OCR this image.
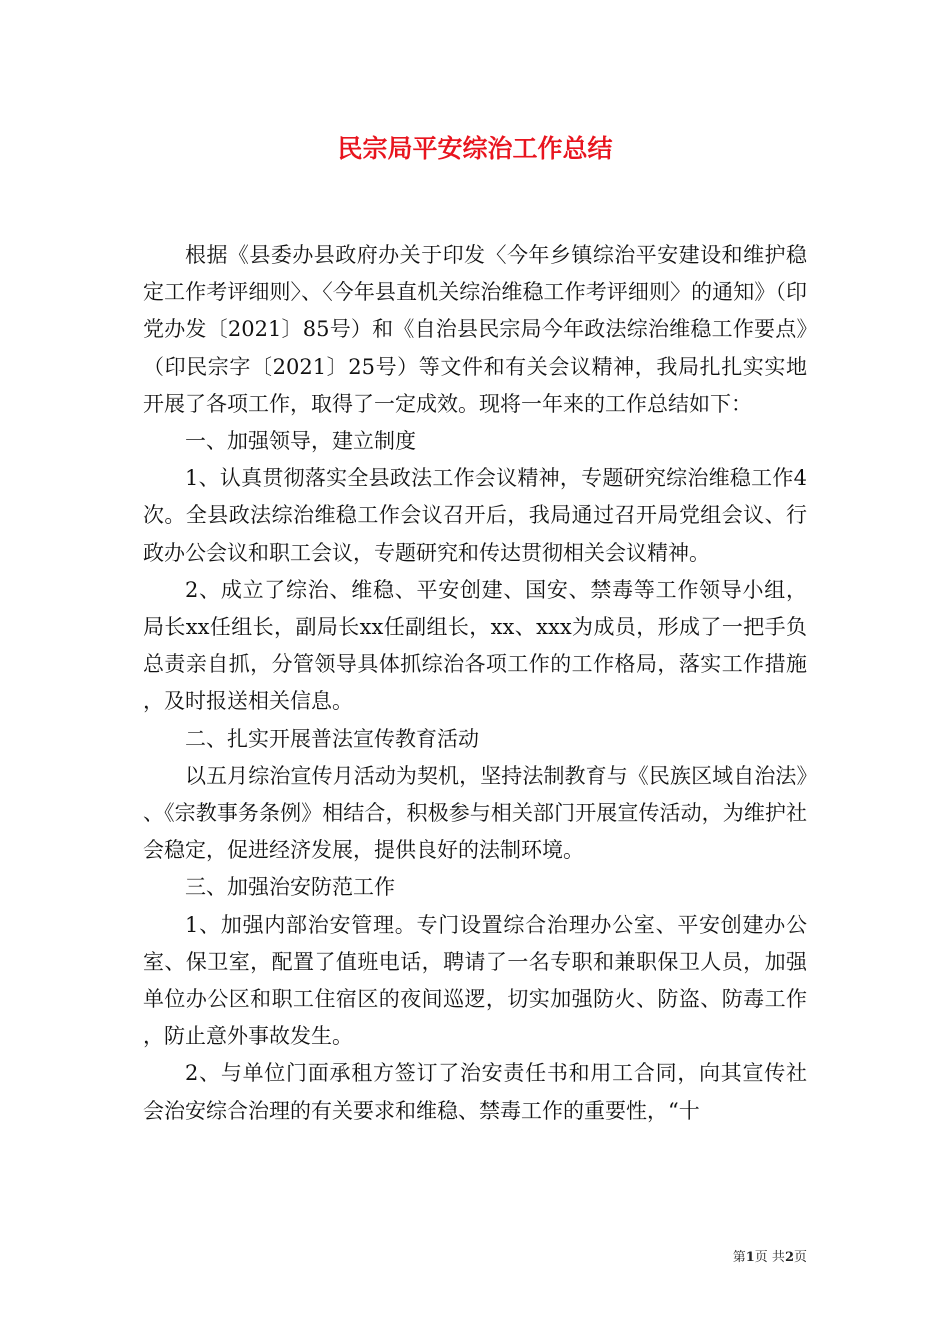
民宗局平安综治工作总结

根据《县委办县政府办关于印发〈今年乡镇综治平安建设和维护稳定工作考评细则〉、〈今年县直机关综治维稳工作考评细则〉的通知》（印党办发〔2021〕85号）和《自治县民宗局今年政法综治维稳工作要点》（印民宗字〔2021〕25号）等文件和有关会议精神，我局扎扎实实地开展了各项工作，取得了一定成效。现将一年来的工作总结如下：

一、加强领导，建立制度

1、认真贯彻落实全县政法工作会议精神，专题研究综治维稳工作4次。全县政法综治维稳工作会议召开后，我局通过召开局党组会议、行政办公会议和职工会议，专题研究和传达贯彻相关会议精神。

2、成立了综治、维稳、平安创建、国安、禁毒等工作领导小组，局长xx任组长，副局长xx任副组长，xx、xxx为成员，形成了一把手负总责亲自抓，分管领导具体抓综治各项工作的工作格局，落实工作措施，及时报送相关信息。

二、扎实开展普法宣传教育活动

以五月综治宣传月活动为契机，坚持法制教育与《民族区域自治法》、《宗教事务条例》相结合，积极参与相关部门开展宣传活动，为维护社会稳定，促进经济发展，提供良好的法制环境。

三、加强治安防范工作

1、加强内部治安管理。专门设置综合治理办公室、平安创建办公室、保卫室，配置了值班电话，聘请了一名专职和兼职保卫人员，加强单位办公区和职工住宿区的夜间巡逻，切实加强防火、防盗、防毒工作，防止意外事故发生。

2、与单位门面承租方签订了治安责任书和用工合同，向其宣传社会治安综合治理的有关要求和维稳、禁毒工作的重要性，“十

第1页 共2页
